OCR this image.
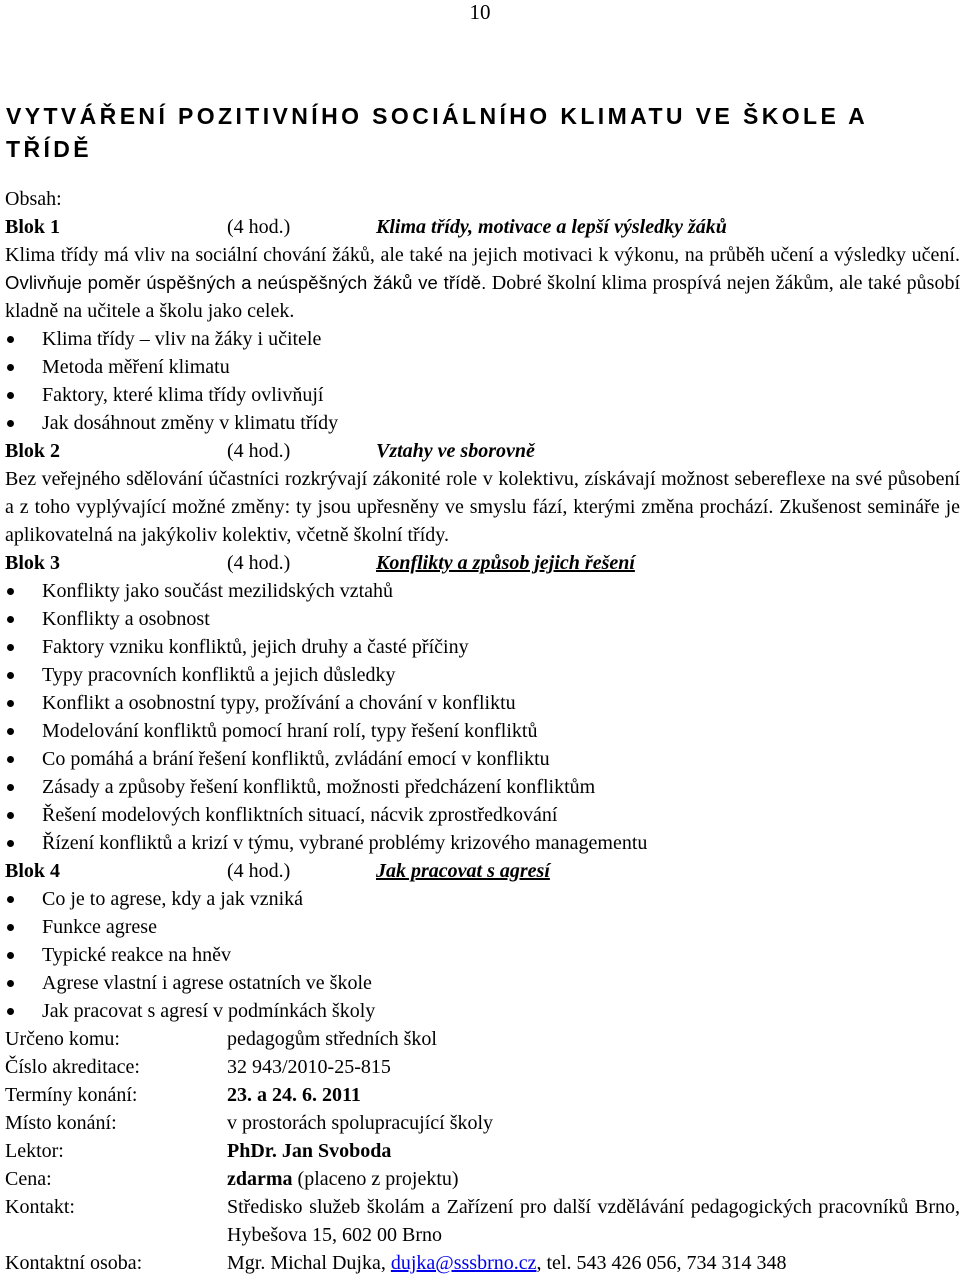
10
VYTVÁŘENÍ POZITIVNÍHO SOCIÁLNÍHO KLIMATU VE ŠKOLE A TŘÍDĚ

Obsah:

Blok 1	(4 hod.)	Klima třídy, motivace a lepší výsledky žáků

Klima třídy má vliv na sociální chování žáků, ale také na jejich motivaci k výkonu, na průběh učení a výsledky učení. Ovlivňuje poměr úspěšných a neúspěšných žáků ve třídě. Dobré školní klima prospívá nejen žákům, ale také působí kladně na učitele a školu jako celek.

Klima třídy – vliv na žáky i učitele
Metoda měření klimatu
Faktory, které klima třídy ovlivňují
Jak dosáhnout změny v klimatu třídy
Blok 2	(4 hod.)	Vztahy ve sborovně

Bez veřejného sdělování účastníci rozkrývají zákonité role v kolektivu, získávají možnost sebereflexe na své působení a z toho vyplývající možné změny: ty jsou upřesněny ve smyslu fází, kterými změna prochází. Zkušenost semináře je aplikovatelná na jakýkoliv kolektiv, včetně školní třídy.

Blok 3	(4 hod.)	Konflikty a způsob jejich řešení
Konflikty jako součást mezilidských vztahů
Konflikty a osobnost
Faktory vzniku konfliktů, jejich druhy a časté příčiny
Typy pracovních konfliktů a jejich důsledky
Konflikt a osobnostní typy, prožívání a chování v konfliktu
Modelování konfliktů pomocí hraní rolí, typy řešení konfliktů
Co pomáhá a brání řešení konfliktů, zvládání emocí v konfliktu
Zásady a způsoby řešení konfliktů, možnosti předcházení konfliktům
Řešení modelových konfliktních situací, nácvik zprostředkování
Řízení konfliktů a krizí v týmu, vybrané problémy krizového managementu
Blok 4	(4 hod.)	Jak pracovat s agresí
Co je to agrese, kdy a jak vzniká
Funkce agrese
Typické reakce na hněv
Agrese vlastní i agrese ostatních ve škole
Jak pracovat s agresí v podmínkách školy
Určeno komu:	pedagogům středních škol
Číslo akreditace:	32 943/2010-25-815
Termíny konání:	23. a 24. 6. 2011
Místo konání:	v prostorách spolupracující školy
Lektor:	PhDr. Jan Svoboda
Cena:	zdarma (placeno z projektu)
Kontakt:	Středisko služeb školám a Zařízení pro další vzdělávání pedagogických pracovníků Brno, Hybešova 15, 602 00 Brno
Kontaktní osoba:	Mgr. Michal Dujka, dujka@sssbrno.cz, tel. 543 426 056, 734 314 348
